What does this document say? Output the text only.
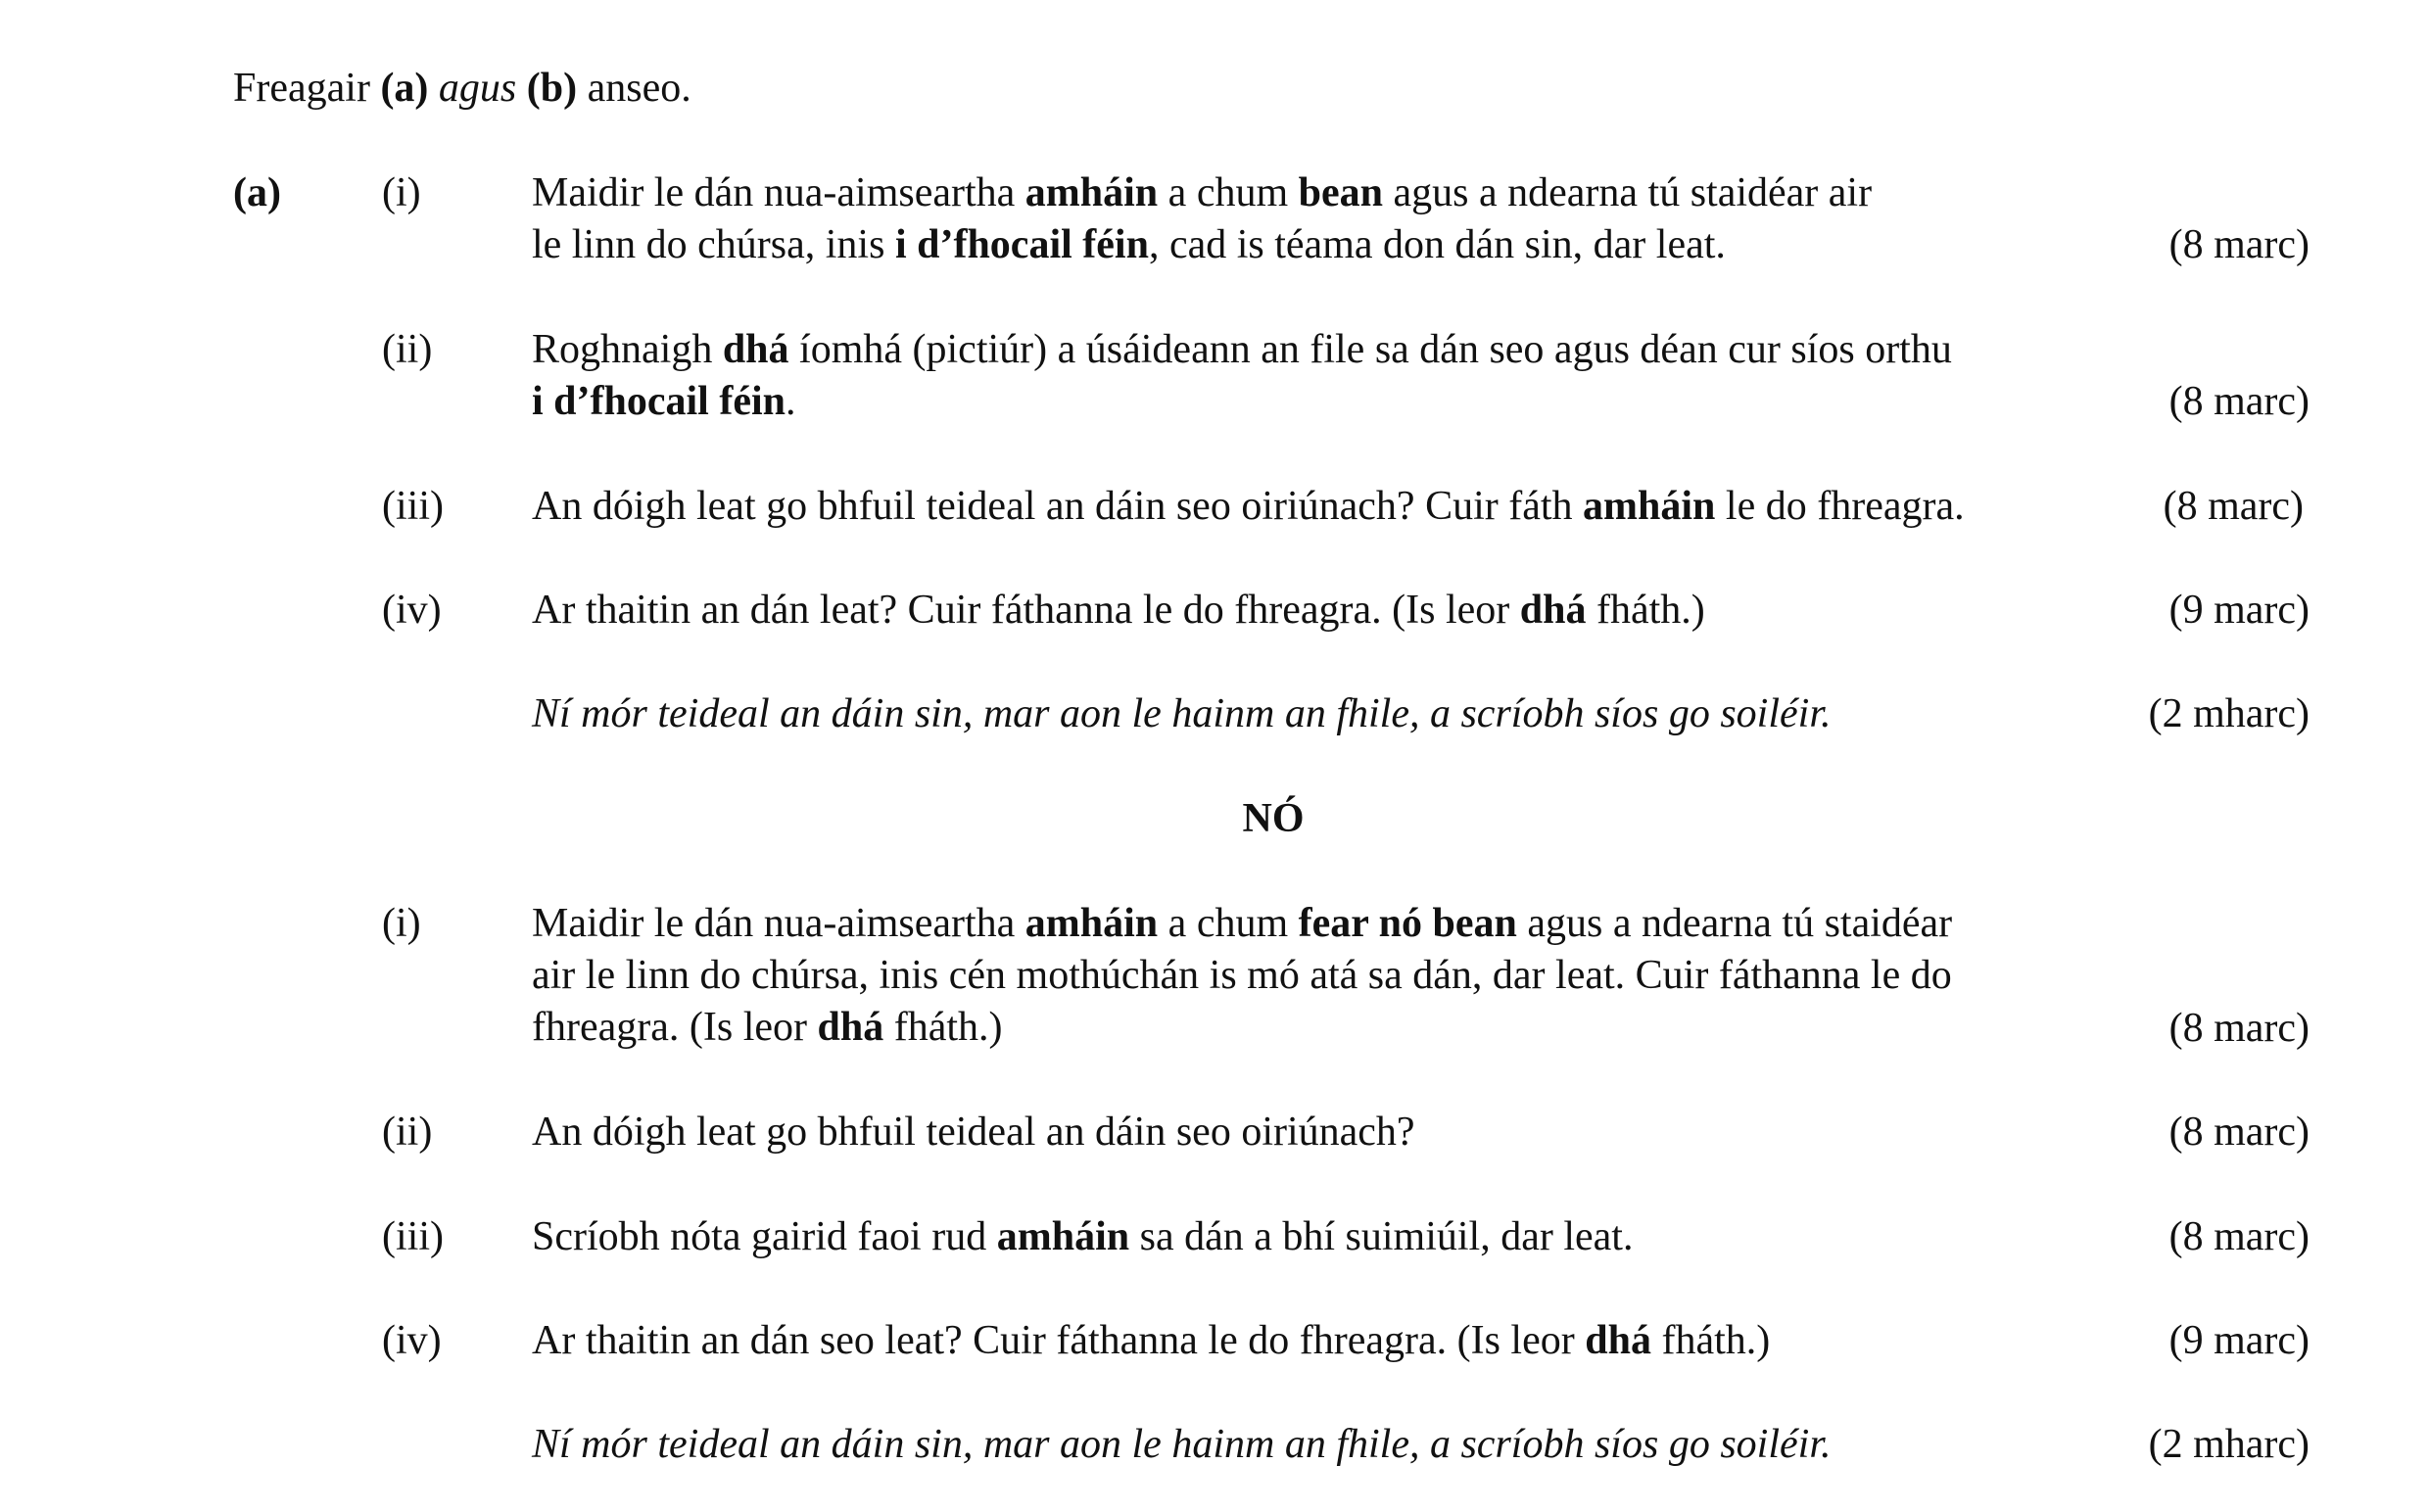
Freagair (a) agus (b) anseo.
(a) (i)	Maidir le dán nua-aimseartha amháin a chum bean agus a ndearna tú staidéar air
le linn do chúrsa, inis i d’fhocail féin, cad is téama don dán sin, dar leat.	(8 marc)
(ii) Roghnaigh dhá íomhá (pictiúr) a úsáideann an file sa dán seo agus déan cur síos orthu
i d’fhocail féin.	(8 marc)
(iii) An dóigh leat go bhfuil teideal an dáin seo oiriúnach? Cuir fáth amháin le do fhreagra.	(8 marc)
(iv) Ar thaitin an dán leat? Cuir fáthanna le do fhreagra. (Is leor dhá fháth.)	(9 marc)
Ní mór teideal an dáin sin, mar aon le hainm an fhile, a scríobh síos go soiléir.	(2 mharc)
NÓ
(i)	Maidir le dán nua-aimseartha amháin a chum fear nó bean agus a ndearna tú staidéar
air le linn do chúrsa, inis cén mothúchán is mó atá sa dán, dar leat. Cuir fáthanna le do
fhreagra. (Is leor dhá fháth.)	(8 marc)
(ii) An dóigh leat go bhfuil teideal an dáin seo oiriúnach?	(8 marc)
(iii) Scríobh nóta gairid faoi rud amháin sa dán a bhí suimiúil, dar leat.	(8 marc)
(iv) Ar thaitin an dán seo leat? Cuir fáthanna le do fhreagra. (Is leor dhá fháth.)	(9 marc)
Ní mór teideal an dáin sin, mar aon le hainm an fhile, a scríobh síos go soiléir.	(2 mharc)
